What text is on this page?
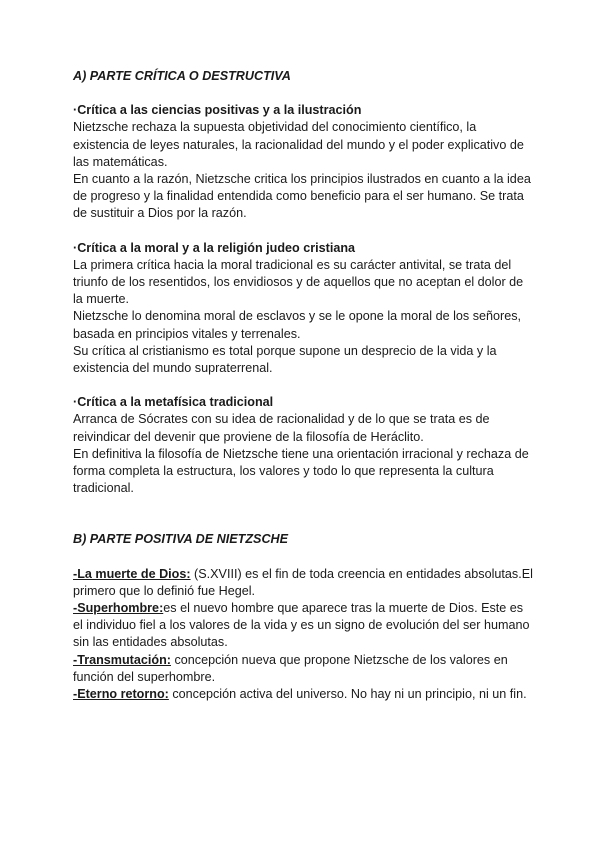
A) PARTE CRÍTICA O DESTRUCTIVA

·Crítica a las ciencias positivas y a la ilustración

Nietzsche rechaza la supuesta objetividad del conocimiento científico, la existencia de leyes naturales, la racionalidad del mundo y el poder explicativo de las matemáticas.

En cuanto a la razón, Nietzsche critica los principios ilustrados en cuanto a la idea de progreso y la finalidad entendida como beneficio para el ser humano. Se trata de sustituir a Dios por la razón.

·Crítica a la moral y a la religión judeo cristiana

La primera crítica hacia la moral tradicional es su carácter antivital, se trata del triunfo de los resentidos, los envidiosos y de aquellos que no aceptan el dolor de la muerte.

Nietzsche lo denomina moral de esclavos y se le opone la moral de los señores, basada en principios vitales y terrenales.

Su crítica al cristianismo es total porque supone un desprecio de la vida y la existencia del mundo supraterrenal.

·Crítica a la metafísica tradicional

Arranca de Sócrates con su idea de racionalidad y de lo que se trata es de reivindicar del devenir que proviene de la filosofía de Heráclito.

En definitiva la filosofía de Nietzsche tiene una orientación irracional y rechaza de forma completa la estructura, los valores y todo lo que representa la cultura tradicional.

B) PARTE POSITIVA DE NIETZSCHE

-La muerte de Dios: (S.XVIII) es el fin de toda creencia en entidades absolutas.El primero que lo definió fue Hegel.

-Superhombre:es el nuevo hombre que aparece tras la muerte de Dios. Este es el individuo fiel a los valores de la vida y es un signo de evolución del ser humano sin las entidades absolutas.

-Transmutación: concepción nueva que propone Nietzsche de los valores en función del superhombre.

-Eterno retorno: concepción activa del universo. No hay ni un principio, ni un fin.
